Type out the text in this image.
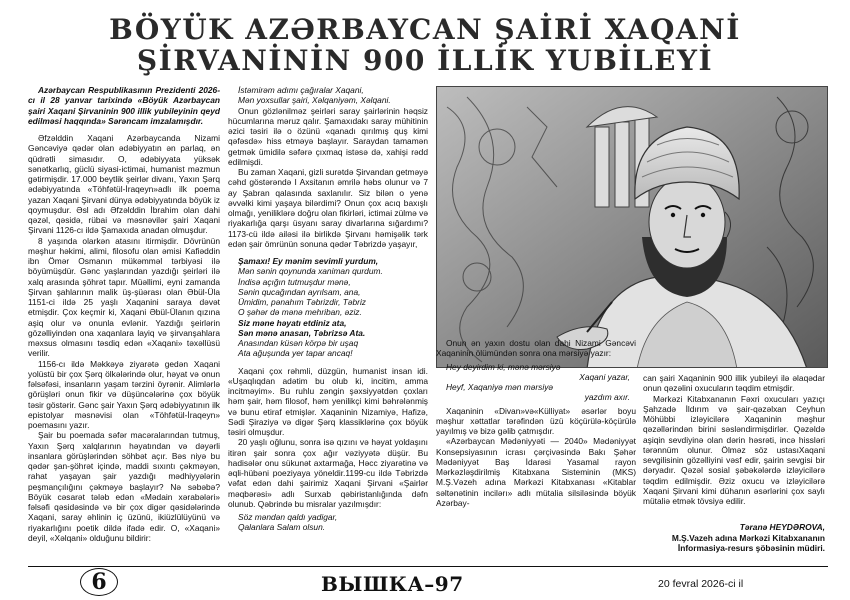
BÖYÜK AZƏRBAYCAN ŞAİRİ XAQANİ
ŞİRVANİNİN 900 İLLİK YUBİLEYİ

Azərbaycan Respublikasının Prezidenti 2026-cı il 28 yanvar tarixində «Böyük Azərbaycan şairi Xaqani Şirvaninin 900 illik yubileyinin qeyd edilməsi haqqında» Sərəncam imzalamışdır.

Əfzəlddin Xaqani Azərbaycanda Nizami Gəncəviyə qədər olan ədəbiyyatın ən parlaq, ən qüdrətli simasıdır. O, ədəbiyyata yüksək sənətkarlıq, güclü siyasi-ictimai, humanist məzmun gətirmişdir. 17.000 beytlik şeirlər divanı, Yaxın Şərq ədəbiyyatında «Töhfətül-İraqeyn»adlı ilk poema yazan Xaqani Şirvani dünya ədəbiyyatında böyük iz qoymuşdur. Əsl adı Əfzəlddin İbrahim olan dahi qəzəl, qəsidə, rübai və məsnəvilər şairi Xaqani Şirvani 1126-cı ildə Şamaxıda anadan olmuşdur.

8 yaşında olarkən atasını itirmişdir. Dövrünün məşhur həkimi, alimi, filosofu olan əmisi Kafiəddin ibn Ömər Osmanın mükəmməl tərbiyəsi ilə böyümüşdür. Gənc yaşlarından yazdığı şeirləri ilə xalq arasında şöhrət tapır. Müəllimi, eyni zamanda Şirvan şahlarının malik üş-şüərası olan Əbül-Üla 1151-ci ildə 25 yaşlı Xaqanini saraya dəvət etmişdir. Çox keçmir ki, Xaqani Əbül-Ülanın qızına aşiq olur və onunla evlənir. Yazdığı şeirlərin gözəlliyindən ona xaqanlara layiq və şirvanşahlara məxsus olmasını təsdiq edən «Xaqani» təxəllüsü verilir.

1156-cı ildə Məkkəyə ziyarətə gedən Xaqani yolüstü bir çox Şərq ölkələrində olur, həyat və onun fəlsəfəsi, insanların yaşam tərzini öyrənir. Alimlərlə görüşləri onun fikir və düşüncələrinə çox böyük təsir göstərir. Gənc şair Yaxın Şərq ədəbiyyatının ilk epistolyar məsnəvisi olan «Töhfətül-İraqeyn» poemasını yazır.

Şair bu poemada səfər macəralarından tutmuş, Yaxın Şərq xalqlarının həyatından və dəyərli insanlara görüşlərindən söhbət açır. Bəs niyə bu qədər şan-şöhrət içində, maddi sıxıntı çəkməyən, rahat yaşayan şair yazdığı mədhiyyələrin peşmançılığını çəkməyə başlayır? Nə səbəbə? Böyük cəsarət tələb edən «Mədain xərabələri» fəlsəfi qəsidəsində və bir çox digər qəsidələrində Xaqani, saray əhlinin iç üzünü, ikiüzlülüyünü və riyakarlığını poetik dildə ifadə edir. O, «Xaqani» deyil, «Xəlqani» olduğunu bildirir:

İstəmirəm adımı çağıralar Xaqani,

Mən yoxsullar şairi, Xəlqaniyəm, Xəlqani.

Onun gözlənilməz şeirləri saray şairlərinin həqsiz hücumlarına məruz qalır. Şamaxıdakı saray mühitinin əzici təsiri ilə o özünü «qanadı qırılmış quş kimi qəfəsdə» hiss etməyə başlayır. Saraydan tamamən getmək ümidilə səfərə çıxmaq istəsə də, xahişi rədd edilmişdi.

Bu zaman Xaqani, gizli surətdə Şirvandan getməyə cəhd göstərəndə I Axsitanın əmrilə həbs olunur və 7 ay Şabran qalasında saxlanılır. Siz bilən o yenə əvvəlki kimi yaşaya bilərdimi? Onun çox acıq baxışlı olmağı, yeniliklərə doğru olan fikirləri, ictimai zülmə və riyakarlığa qarşı üsyanı saray divarlarına sığardımı? 1173-cü ildə ailəsi ilə birlikdə Şirvanı həmişəlik tərk edən şair ömrünün sonuna qədər Təbrizdə yaşayır,

Şamaxı! Ey mənim sevimli yurdum,

Mən sənin qoynunda xaniman qurdum.

İndisə açığın tutmuşdur mənə,

Sənin qucağından ayrılsam, ana,

Ümidim, pənahım Təbrizdir, Təbriz

O şəhər də mənə mehriban, əziz.

Siz məne həyatı etdiniz ata,

Sən mənə anasan, Təbrizsə Ata.

Anasından küsən körpə bir uşaq

Ata ağuşunda yer tapar ancaq!

Xaqani çox rəhmli, düzgün, humanist insan idi. «Uşaqlıqdan adətim bu olub ki, incitim, amma incitməyim». Bu ruhlu zəngin şəxsiyyətdən çoxları həm şair, həm filosof, həm yenilikçi kimi bəhrələnmiş və bunu etiraf etmişlər. Xaqaninin Nizamiyə, Hafizə, Sədi Şiraziyə və digər Şərq klassiklərinə çox böyük təsiri olmuşdur.

20 yaşlı oğlunu, sonra isə qızını və həyat yoldaşını itirən şair sonra çox ağır vəziyyətə düşür. Bu hadisələr onu sükunət axtarmağa, Həcc ziyarətinə və əqli-hübəni poeziyaya yöneldir.1199-cu ildə Təbrizdə vəfat edən dahi şairimiz Xaqani Şirvani «Şairlər məqbərəsi» adlı Surxab qəbiristanlığında dəfn olunub. Qəbrində bu misralar yazılmışdır:

Söz məndən qaldı yadigar,

Qalanlara Salam olsun.

Onun ən yaxın dostu olan dahi Nizami Gəncəvi Xaqaninin ölümündən sonra ona mərsiyə yazır:

Hey deyirdim ki, mənə mərsiyə

Xaqani yazar,

Heyf, Xaqaniyə mən mərsiyə

yazdım axır.

Xaqaninin «Divan»və«Külliyat» əsərlər boyu məşhur xəttatlar tərəfindən üzü köçürülə-köçürülə yayılmış və bizə gəlib çatmışdır.

«Azərbaycan Mədəniyyəti — 2040» Mədəniyyət Konsepsiyasının icrası çərçivəsində Bakı Şəhər Mədəniyyət Baş İdarəsi Yasamal rayon Mərkəzləşdirilmiş Kitabxana Sisteminin (MKS) M.Ş.Vəzeh adına Mərkəzi Kitabxanası «Kitablar səltənətinin incilərı» adlı mütalia silsiləsində böyük Azərbay-

can şairi Xaqaninin 900 illik yubileyi ilə əlaqədar onun qəzəlini oxucuların təqdim etmişdir.

Mərkəzi Kitabxananın Fəxri oxucuları yazıçı Şahzadə İldırım və şair-qəzəlxan Ceyhun Möhübbi izləyicilərə Xaqaninin məşhur qəzəllərindən birini səsləndirmişdirlər. Qəzəldə aşiqin sevdiyinə olan dərin həsrəti, incə hissləri tərənnüm olunur. Ölməz söz ustasıXaqani sevgilisinin gözəlliyini vəsf edir, şairin sevgisi bir dəryadır. Qəzəl sosial şəbəkələrdə izləyicilərə təqdim edilmişdir. Əziz oxucu və izləyicilərə Xaqani Şirvani kimi dühanın əsərlərini çox saylı mütaliə etmək tövsiyə edilir.

Təranə HEYDƏROVA,
M.Ş.Vazeh adına Mərkəzi Kitabxananın
İnformasiya-resurs şöbəsinin müdiri.
6	ВЫШКА–97	20 fevral 2026-ci il
